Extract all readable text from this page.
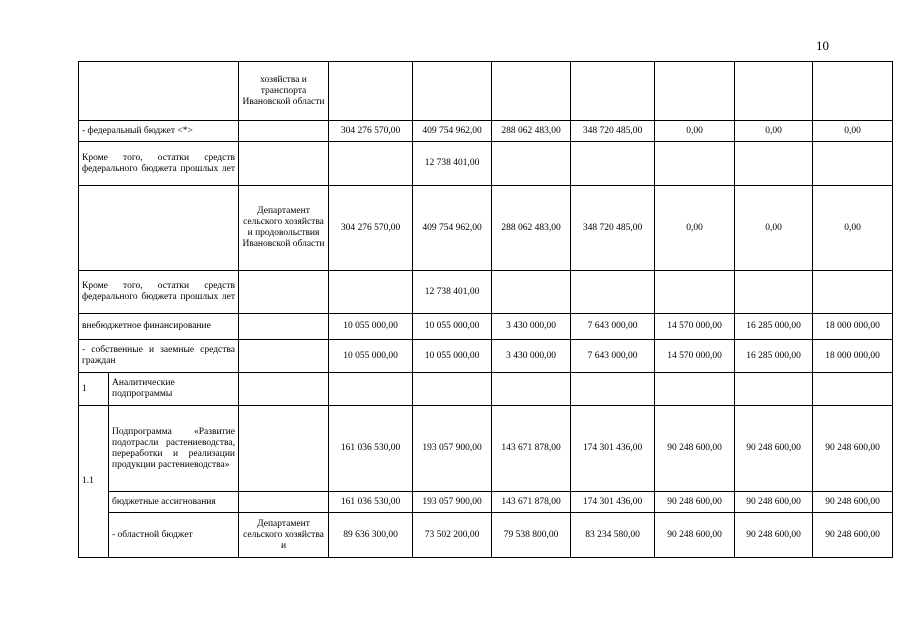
10
		хозяйства и транспорта Ивановской области							
- федеральный бюджет <*>			304 276 570,00	409 754 962,00	288 062 483,00	348 720 485,00	0,00	0,00	0,00
Кроме того, остатки средств федерального бюджета прошлых лет				12 738 401,00					
		Департамент сельского хозяйства и продовольствия Ивановской области	304 276 570,00	409 754 962,00	288 062 483,00	348 720 485,00	0,00	0,00	0,00
Кроме того, остатки средств федерального бюджета прошлых лет				12 738 401,00					
внебюджетное финансирование			10 055 000,00	10 055 000,00	3 430 000,00	7 643 000,00	14 570 000,00	16 285 000,00	18 000 000,00
- собственные и заемные средства граждан			10 055 000,00	10 055 000,00	3 430 000,00	7 643 000,00	14 570 000,00	16 285 000,00	18 000 000,00
1	Аналитические подпрограммы								
1.1	Подпрограмма «Развитие подотрасли растениеводства, переработки и реализации продукции растениеводства»		161 036 530,00	193 057 900,00	143 671 878,00	174 301 436,00	90 248 600,00	90 248 600,00	90 248 600,00
	бюджетные ассигнования		161 036 530,00	193 057 900,00	143 671 878,00	174 301 436,00	90 248 600,00	90 248 600,00	90 248 600,00
	- областной бюджет	Департамент сельского хозяйства и	89 636 300,00	73 502 200,00	79 538 800,00	83 234 580,00	90 248 600,00	90 248 600,00	90 248 600,00
